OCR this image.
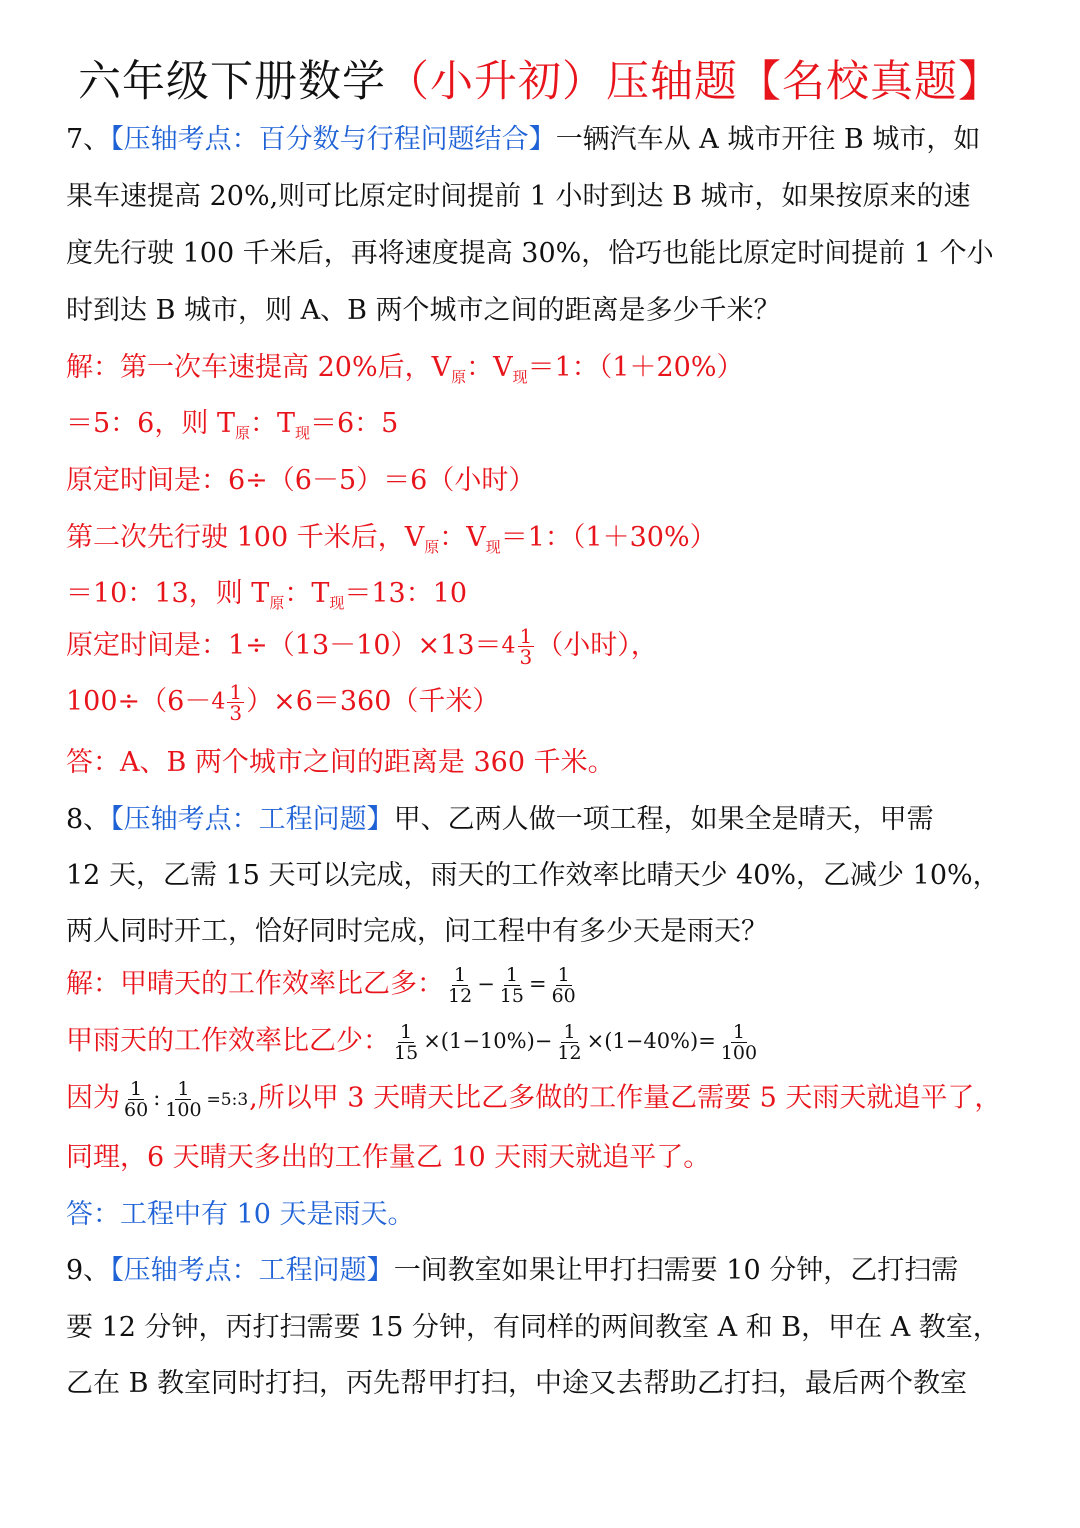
六年级下册数学（小升初）压轴题【名校真题】
7、【压轴考点：百分数与行程问题结合】一辆汽车从 A 城市开往 B 城市，如
果车速提高 20%,则可比原定时间提前 1 小时到达 B 城市，如果按原来的速
度先行驶 100 千米后，再将速度提高 30%，恰巧也能比原定时间提前 1 个小
时到达 B 城市，则 A、B 两个城市之间的距离是多少千米？
解：第一次车速提高 20%后，$V_原$：$V_现=1$：（1＋20%）
＝5：6，则 $T_原$：$T_现=6$：5
原定时间是：6÷（6－5）＝6（小时）
第二次先行驶 100 千米后，$V_原$：$V_现=1$：（1＋30%）
＝10：13，则 $T_原$：$T_现=13$：10
原定时间是：$1\div(13-10)\times 13=4 \frac{1}{3}$ （小时），
$100\div(6-4 \frac{1}{3} )\times 6=360$（千米）
答：A、B 两个城市之间的距离是 360 千米。
8、【压轴考点：工程问题】甲、乙两人做一项工程，如果全是晴天，甲需
12 天，乙需 15 天可以完成，雨天的工作效率比晴天少 40%，乙减少 10%，
两人同时开工，恰好同时完成，问工程中有多少天是雨天？
解：甲晴天的工作效率比乙多： $\frac{1}{12} - \frac{1}{15} = \frac{1}{60}$
甲雨天的工作效率比乙少： $\frac{1}{15} \times(1-10\%)- \frac{1}{12} \times(1-40\%)= \frac{1}{100}$
因为 $\frac{1}{60}$ : $\frac{1}{100}$ =5:3,所以甲 3 天晴天比乙多做的工作量乙需要 5 天雨天就追平了，
同理，6 天晴天多出的工作量乙 10 天雨天就追平了。
答：工程中有 10 天是雨天。
9、【压轴考点：工程问题】一间教室如果让甲打扫需要 10 分钟，乙打扫需
要 12 分钟，丙打扫需要 15 分钟，有同样的两间教室 A 和 B，甲在 A 教室，
乙在 B 教室同时打扫，丙先帮甲打扫，中途又去帮助乙打扫，最后两个教室
